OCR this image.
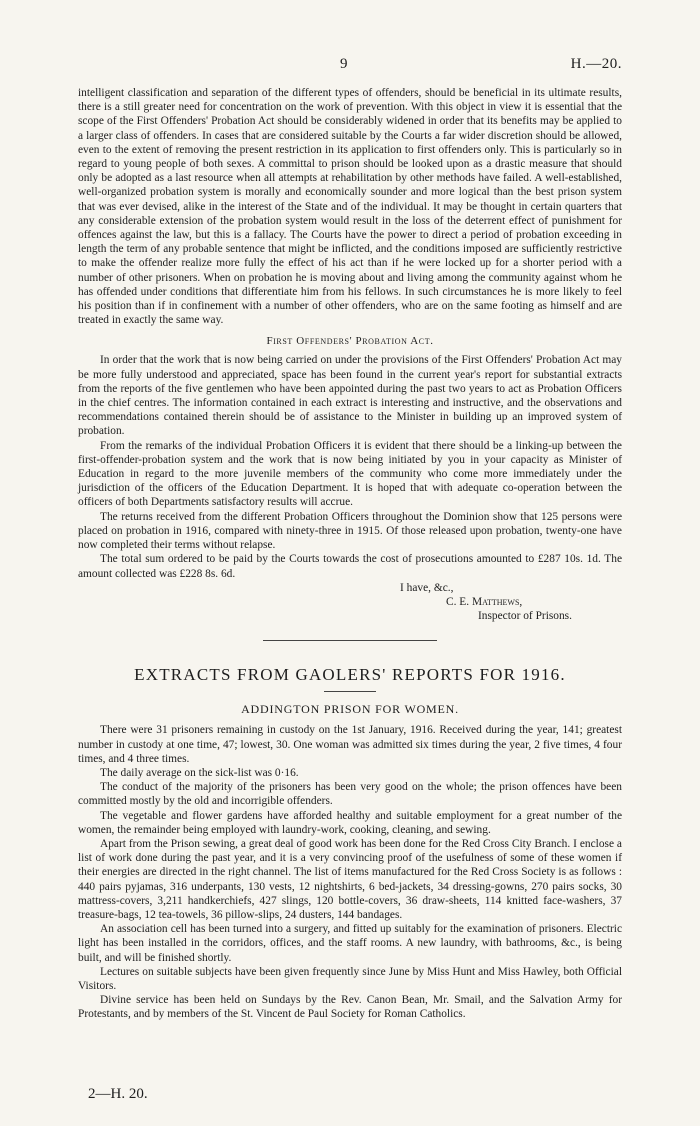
9	H.—20.

intelligent classification and separation of the different types of offenders, should be beneficial in its ultimate results, there is a still greater need for concentration on the work of prevention. With this object in view it is essential that the scope of the First Offenders' Probation Act should be considerably widened in order that its benefits may be applied to a larger class of offenders. In cases that are considered suitable by the Courts a far wider discretion should be allowed, even to the extent of removing the present restriction in its application to first offenders only. This is particularly so in regard to young people of both sexes. A committal to prison should be looked upon as a drastic measure that should only be adopted as a last resource when all attempts at rehabilitation by other methods have failed. A well-established, well-organized probation system is morally and economically sounder and more logical than the best prison system that was ever devised, alike in the interest of the State and of the individual. It may be thought in certain quarters that any considerable extension of the probation system would result in the loss of the deterrent effect of punishment for offences against the law, but this is a fallacy. The Courts have the power to direct a period of probation exceeding in length the term of any probable sentence that might be inflicted, and the conditions imposed are sufficiently restrictive to make the offender realize more fully the effect of his act than if he were locked up for a shorter period with a number of other prisoners. When on probation he is moving about and living among the community against whom he has offended under conditions that differentiate him from his fellows. In such circumstances he is more likely to feel his position than if in confinement with a number of other offenders, who are on the same footing as himself and are treated in exactly the same way.

First Offenders' Probation Act.

In order that the work that is now being carried on under the provisions of the First Offenders' Probation Act may be more fully understood and appreciated, space has been found in the current year's report for substantial extracts from the reports of the five gentlemen who have been appointed during the past two years to act as Probation Officers in the chief centres. The information contained in each extract is interesting and instructive, and the observations and recommendations contained therein should be of assistance to the Minister in building up an improved system of probation.

From the remarks of the individual Probation Officers it is evident that there should be a linking-up between the first-offender-probation system and the work that is now being initiated by you in your capacity as Minister of Education in regard to the more juvenile members of the community who come more immediately under the jurisdiction of the officers of the Education Department. It is hoped that with adequate co-operation between the officers of both Departments satisfactory results will accrue.

The returns received from the different Probation Officers throughout the Dominion show that 125 persons were placed on probation in 1916, compared with ninety-three in 1915. Of those released upon probation, twenty-one have now completed their terms without relapse.

The total sum ordered to be paid by the Courts towards the cost of prosecutions amounted to £287 10s. 1d. The amount collected was £228 8s. 6d.

I have, &c.,
C. E. Matthews,
Inspector of Prisons.
EXTRACTS FROM GAOLERS' REPORTS FOR 1916.
ADDINGTON PRISON FOR WOMEN.

There were 31 prisoners remaining in custody on the 1st January, 1916. Received during the year, 141; greatest number in custody at one time, 47; lowest, 30. One woman was admitted six times during the year, 2 five times, 4 four times, and 4 three times.

The daily average on the sick-list was 0·16.

The conduct of the majority of the prisoners has been very good on the whole; the prison offences have been committed mostly by the old and incorrigible offenders.

The vegetable and flower gardens have afforded healthy and suitable employment for a great number of the women, the remainder being employed with laundry-work, cooking, cleaning, and sewing.

Apart from the Prison sewing, a great deal of good work has been done for the Red Cross City Branch. I enclose a list of work done during the past year, and it is a very convincing proof of the usefulness of some of these women if their energies are directed in the right channel. The list of items manufactured for the Red Cross Society is as follows : 440 pairs pyjamas, 316 underpants, 130 vests, 12 nightshirts, 6 bed-jackets, 34 dressing-gowns, 270 pairs socks, 30 mattress-covers, 3,211 handkerchiefs, 427 slings, 120 bottle-covers, 36 draw-sheets, 114 knitted face-washers, 37 treasure-bags, 12 tea-towels, 36 pillow-slips, 24 dusters, 144 bandages.

An association cell has been turned into a surgery, and fitted up suitably for the examination of prisoners. Electric light has been installed in the corridors, offices, and the staff rooms. A new laundry, with bathrooms, &c., is being built, and will be finished shortly.

Lectures on suitable subjects have been given frequently since June by Miss Hunt and Miss Hawley, both Official Visitors.

Divine service has been held on Sundays by the Rev. Canon Bean, Mr. Smail, and the Salvation Army for Protestants, and by members of the St. Vincent de Paul Society for Roman Catholics.

2—H. 20.
